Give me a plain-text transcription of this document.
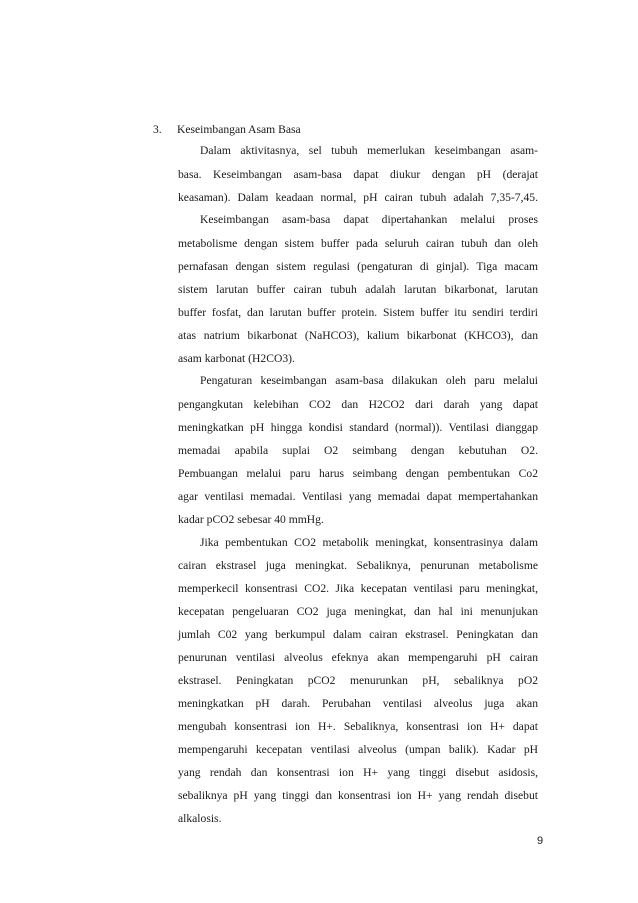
3. Keseimbangan Asam Basa
Dalam aktivitasnya, sel tubuh memerlukan keseimbangan asam-
basa. Keseimbangan asam-basa dapat diukur dengan pH (derajat
keasaman). Dalam keadaan normal, pH cairan tubuh adalah 7,35-7,45.
Keseimbangan asam-basa dapat dipertahankan melalui proses
metabolisme dengan sistem buffer pada seluruh cairan tubuh dan oleh
pernafasan dengan sistem regulasi (pengaturan di ginjal). Tiga macam
sistem larutan buffer cairan tubuh adalah larutan bikarbonat, larutan
buffer fosfat, dan larutan buffer protein. Sistem buffer itu sendiri terdiri
atas natrium bikarbonat (NaHCO3), kalium bikarbonat (KHCO3), dan
asam karbonat (H2CO3).
Pengaturan keseimbangan asam-basa dilakukan oleh paru melalui
pengangkutan kelebihan CO2 dan H2CO2 dari darah yang dapat
meningkatkan pH hingga kondisi standard (normal)). Ventilasi dianggap
memadai apabila suplai O2 seimbang dengan kebutuhan O2.
Pembuangan melalui paru harus seimbang dengan pembentukan Co2
agar ventilasi memadai. Ventilasi yang memadai dapat mempertahankan
kadar pCO2 sebesar 40 mmHg.
Jika pembentukan CO2 metabolik meningkat, konsentrasinya dalam
cairan ekstrasel juga meningkat. Sebaliknya, penurunan metabolisme
memperkecil konsentrasi CO2. Jika kecepatan ventilasi paru meningkat,
kecepatan pengeluaran CO2 juga meningkat, dan hal ini menunjukan
jumlah C02 yang berkumpul dalam cairan ekstrasel. Peningkatan dan
penurunan ventilasi alveolus efeknya akan mempengaruhi pH cairan
ekstrasel. Peningkatan pCO2 menurunkan pH, sebaliknya pO2
meningkatkan pH darah. Perubahan ventilasi alveolus juga akan
mengubah konsentrasi ion H+. Sebaliknya, konsentrasi ion H+ dapat
mempengaruhi kecepatan ventilasi alveolus (umpan balik). Kadar pH
yang rendah dan konsentrasi ion H+ yang tinggi disebut asidosis,
sebaliknya pH yang tinggi dan konsentrasi ion H+ yang rendah disebut
alkalosis.
9
